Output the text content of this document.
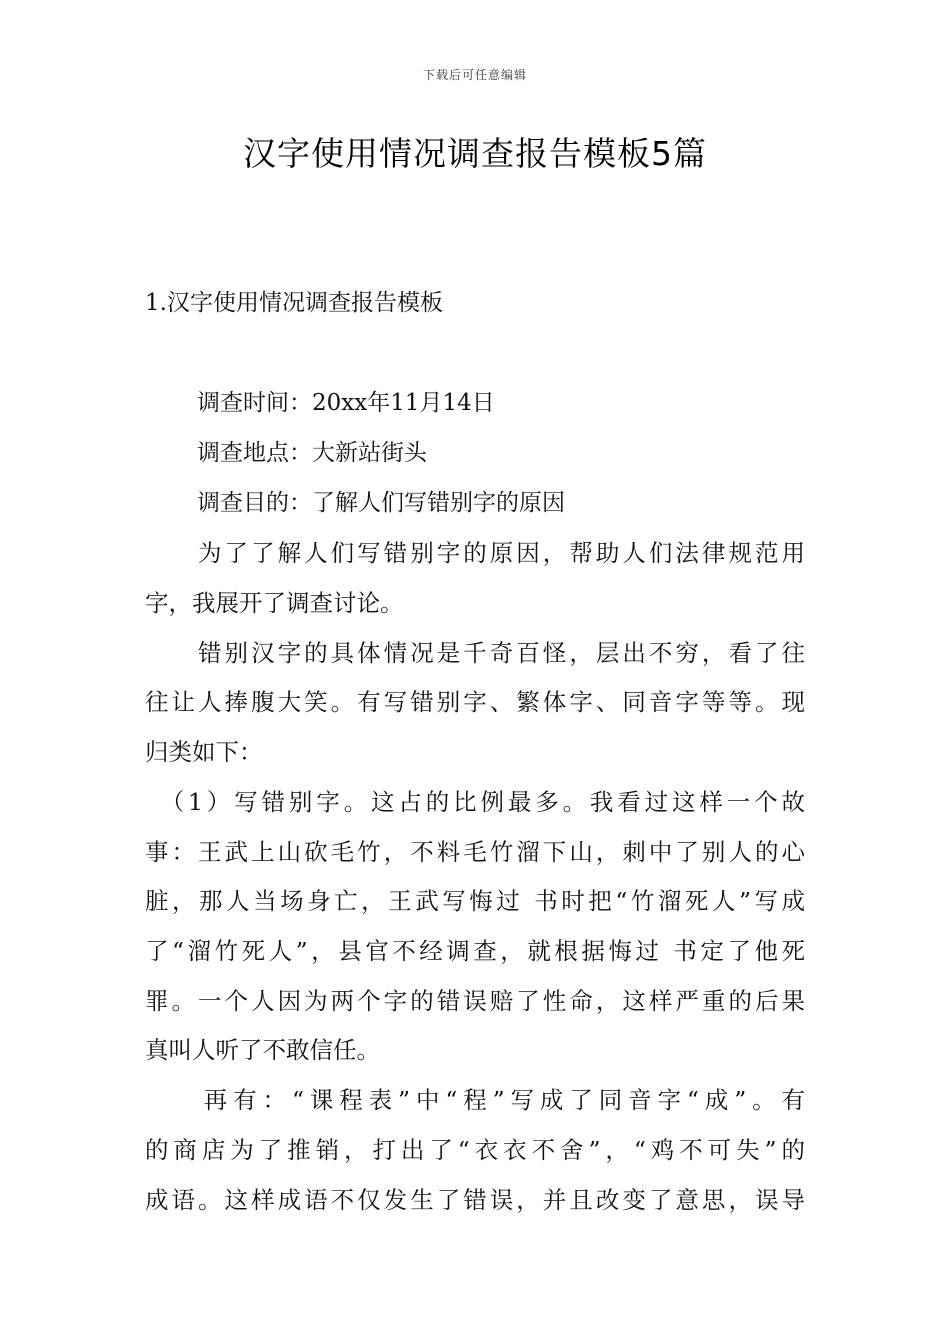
下载后可任意编辑
汉字使用情况调查报告模板5篇
1.汉字使用情况调查报告模板
调查时间：20xx年11月14日
调查地点：大新站街头
调查目的：了解人们写错别字的原因
　　为了了解人们写错别字的原因，帮助人们法律规范用
字，我展开了调查讨论。
　　错别汉字的具体情况是千奇百怪，层出不穷，看了往
往让人捧腹大笑。有写错别字、繁体字、同音字等等。现
归类如下：
　（1）写错别字。这占的比例最多。我看过这样一个故
事：王武上山砍毛竹，不料毛竹溜下山，刺中了别人的心
脏，那人当场身亡，王武写悔过 书时把“竹溜死人”写成
了“溜竹死人”，县官不经调查，就根据悔过 书定了他死
罪。一个人因为两个字的错误赔了性命，这样严重的后果
真叫人听了不敢信任。
　　再有：“课程表”中“程”写成了同音字“成”。有
的商店为了推销，打出了“衣衣不舍”，“鸡不可失”的
成语。这样成语不仅发生了错误，并且改变了意思，误导
